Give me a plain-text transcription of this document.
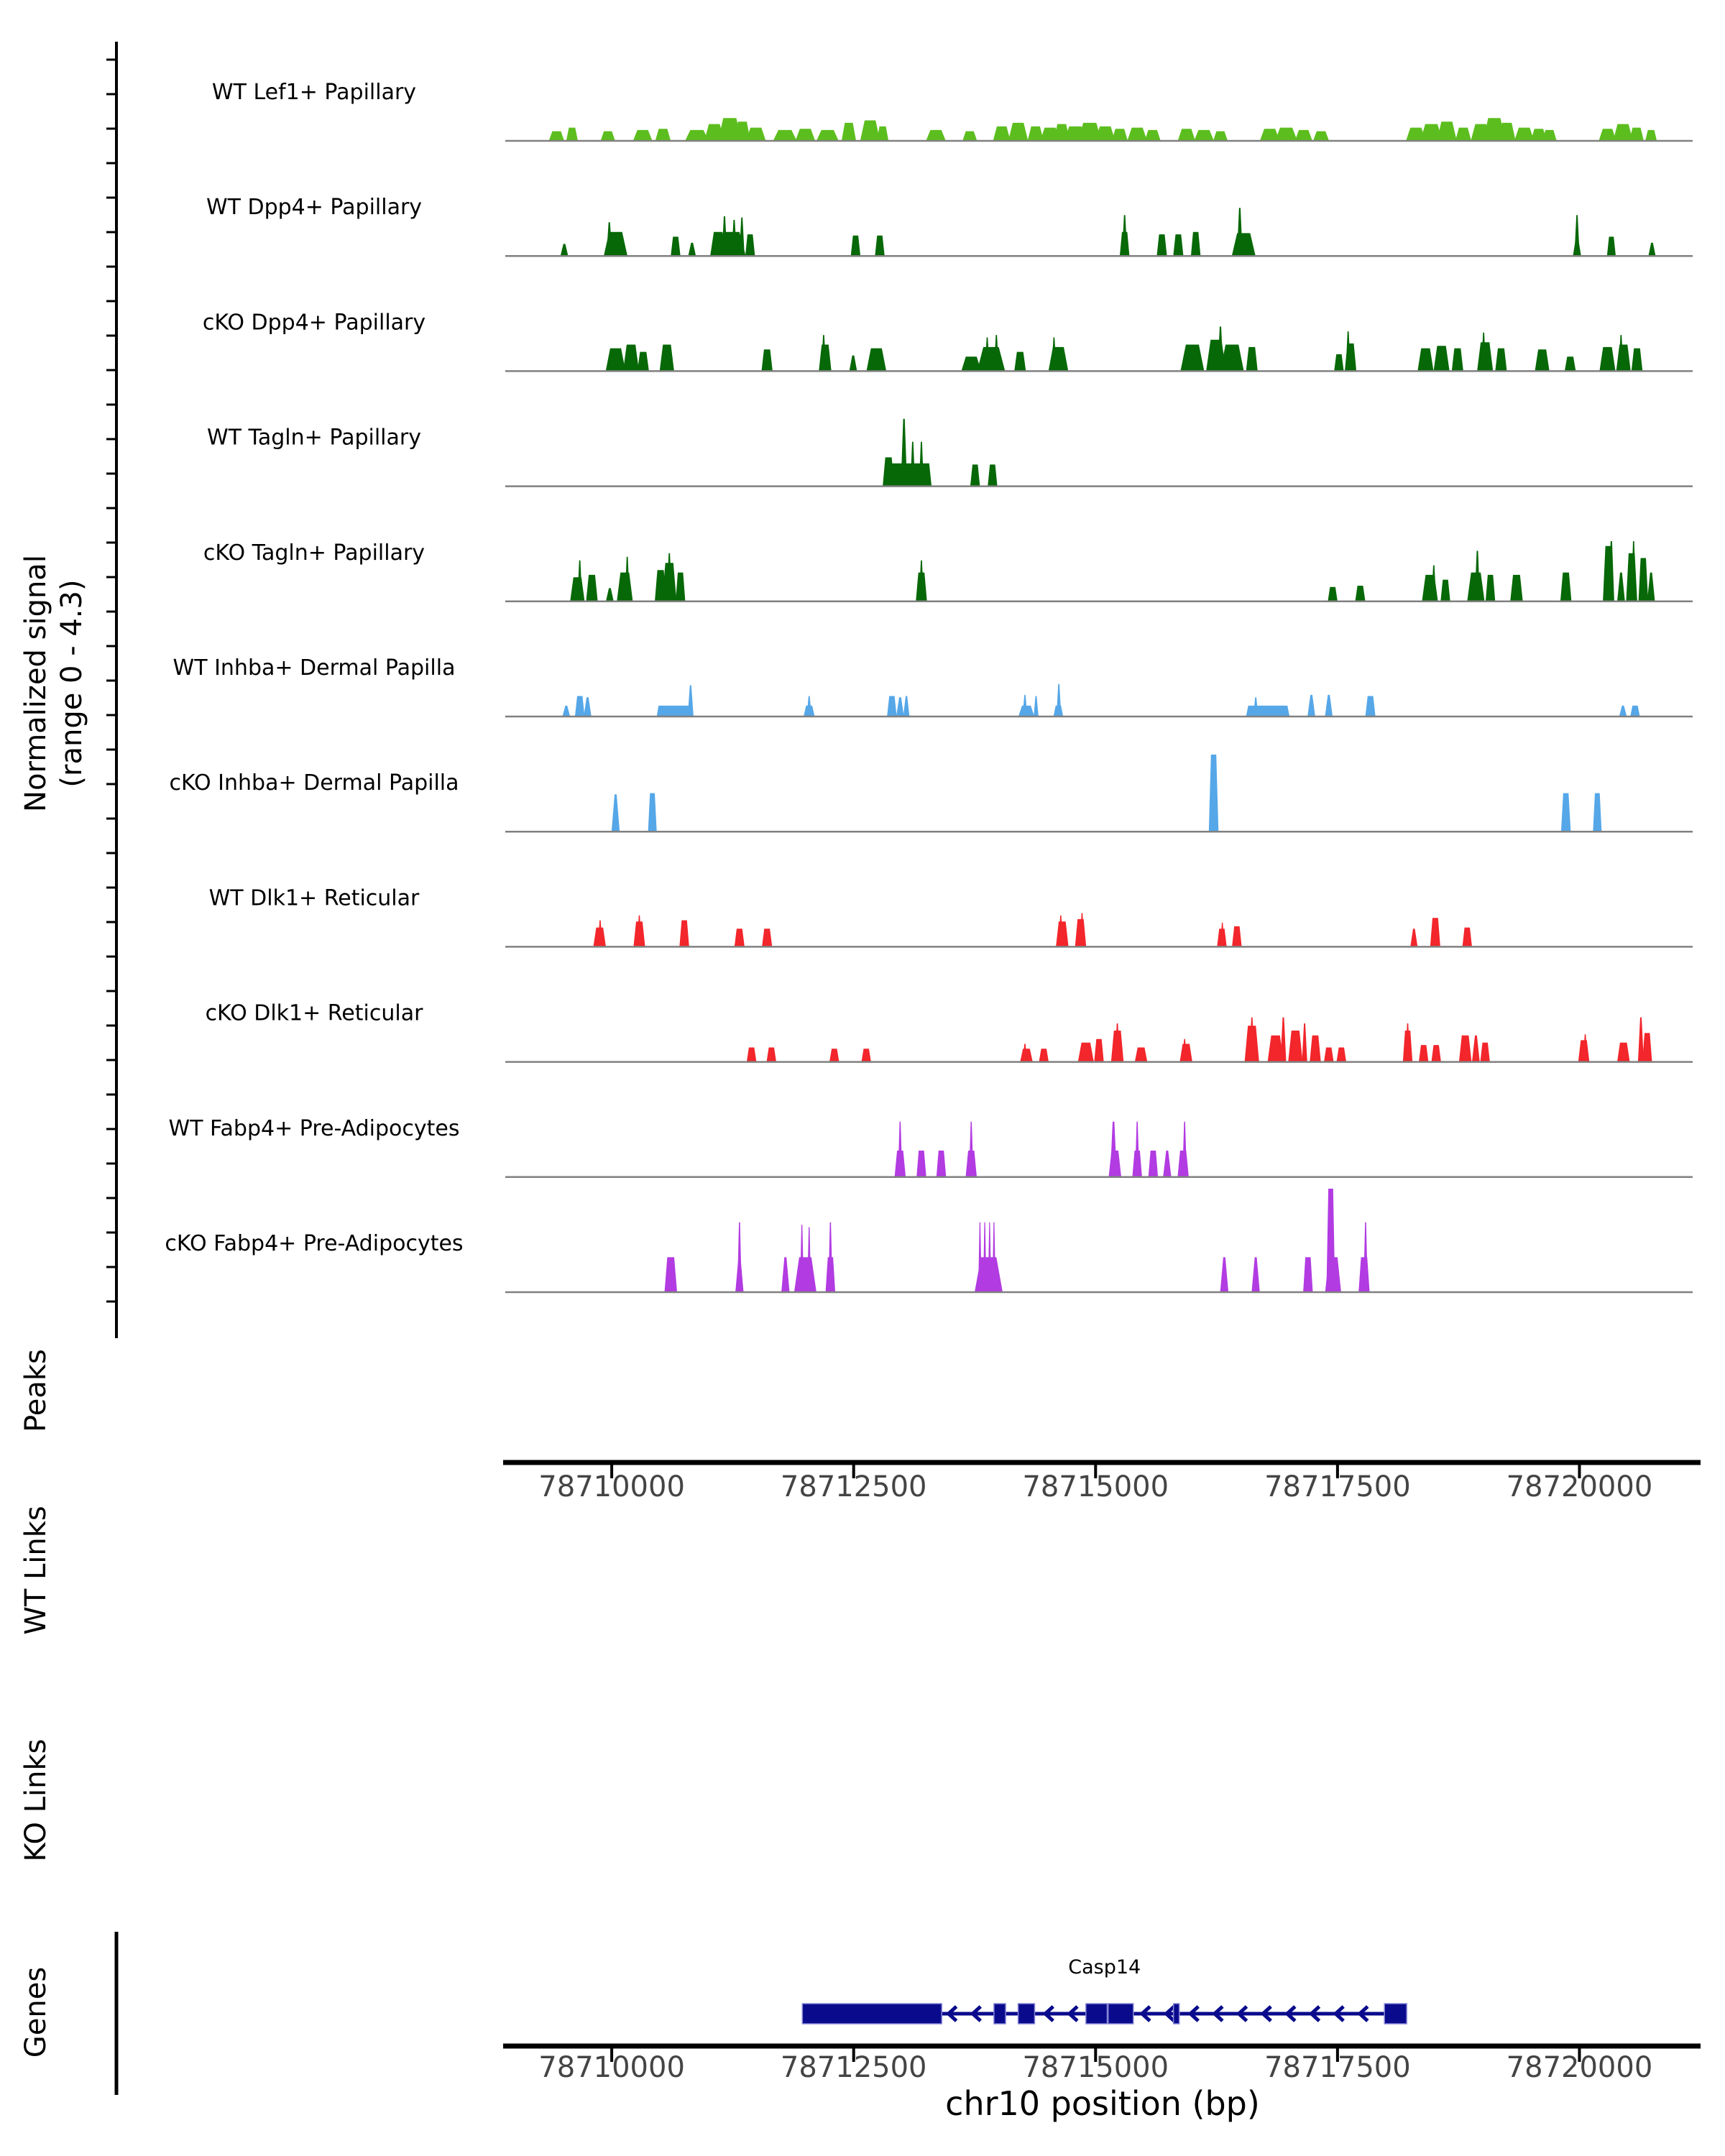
Normalized signal (range 0 - 4.3)
Peaks
WT Links
KO Links
Genes
WT Lef1+ Papillary
WT Dpp4+ Papillary
cKO Dpp4+ Papillary
WT Tagln+ Papillary
cKO Tagln+ Papillary
WT Inhba+ Dermal Papilla
cKO Inhba+ Dermal Papilla
WT Dlk1+ Reticular
cKO Dlk1+ Reticular
WT Fabp4+ Pre-Adipocytes
cKO Fabp4+ Pre-Adipocytes
78710000	78712500	78715000	78717500	78720000
78710000	78712500	78715000	78717500	78720000
chr10 position (bp)
Casp14
